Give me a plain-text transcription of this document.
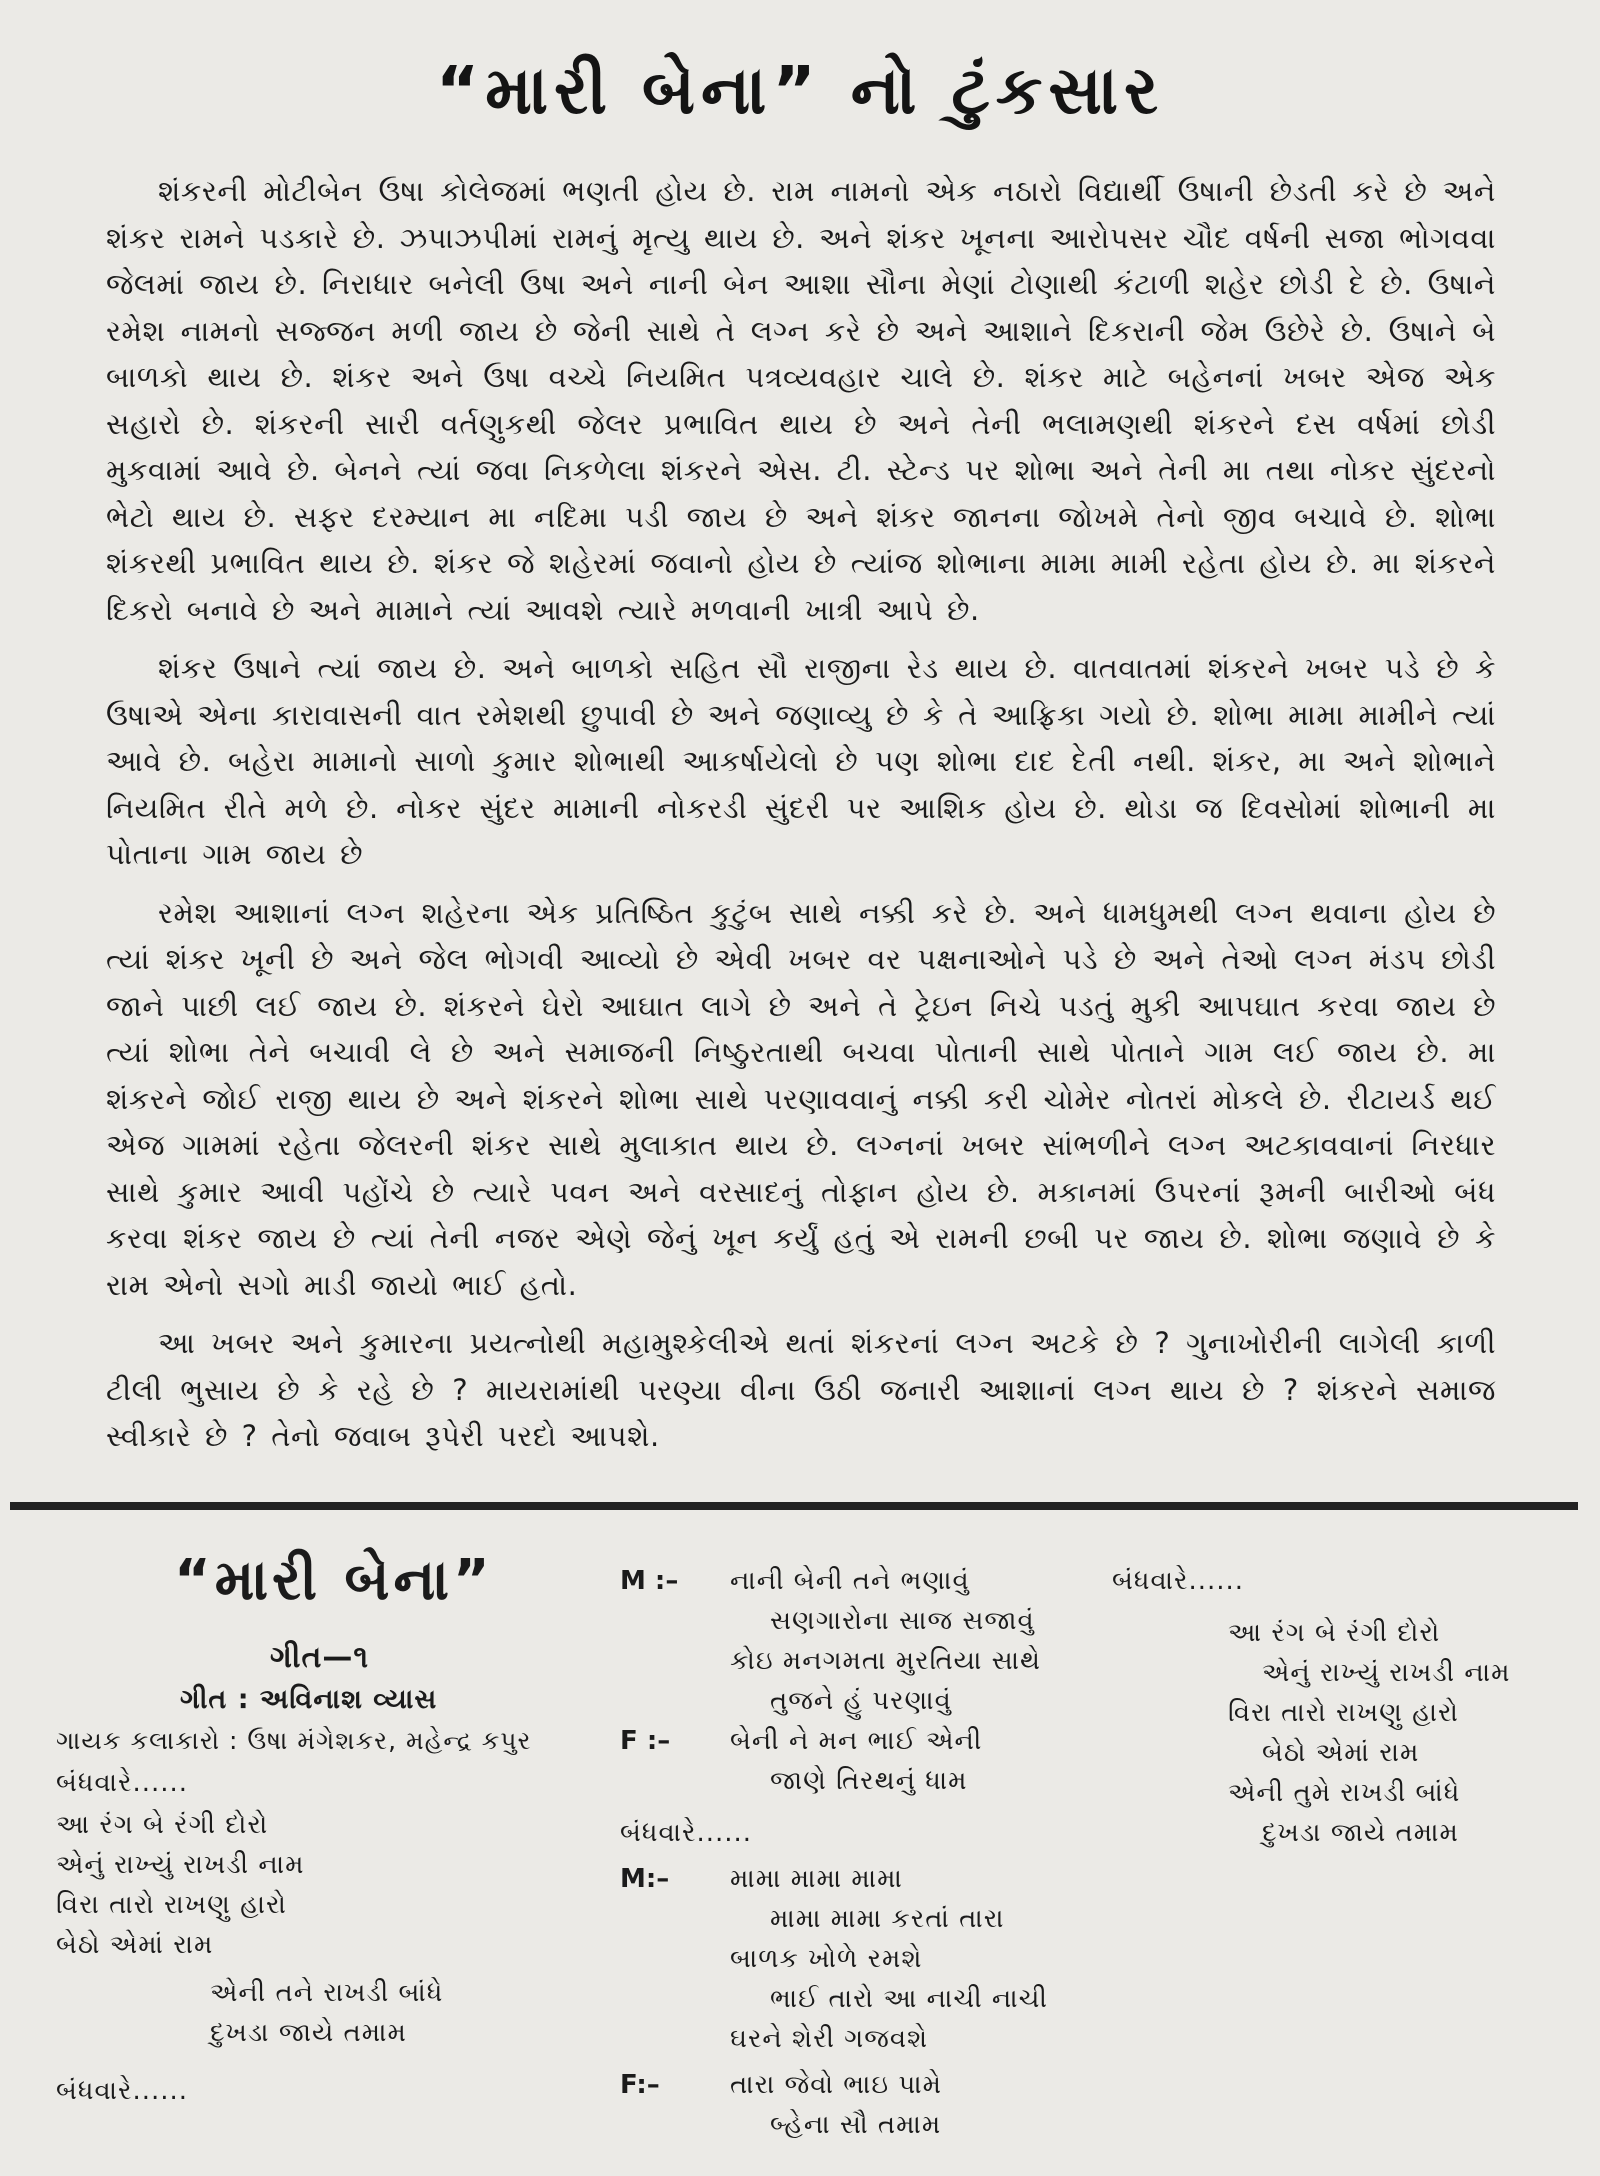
“મારી બેના” નો ટુંકસાર

શંકરની મોટીબેન ઉષા કોલેજમાં ભણતી હોય છે. રામ નામનો એક નઠારો વિદ્યાર્થી ઉષાની છેડતી કરે છે અને શંકર રામને પડકારે છે. ઝપાઝપીમાં રામનું મૃત્યુ થાય છે. અને શંકર ખૂનના આરોપસર ચૌદ વર્ષની સજા ભોગવવા જેલમાં જાય છે. નિરાધાર બનેલી ઉષા અને નાની બેન આશા સૌના મેણાં ટોણાથી કંટાળી શહેર છોડી દે છે. ઉષાને રમેશ નામનો સજ્જન મળી જાય છે જેની સાથે તે લગ્ન કરે છે અને આશાને દિકરાની જેમ ઉછેરે છે. ઉષાને બે બાળકો થાય છે. શંકર અને ઉષા વચ્ચે નિયમિત પત્રવ્યવહાર ચાલે છે. શંકર માટે બહેનનાં ખબર એજ એક સહારો છે. શંકરની સારી વર્તણુકથી જેલર પ્રભાવિત થાય છે અને તેની ભલામણથી શંકરને દસ વર્ષમાં છોડી મુકવામાં આવે છે. બેનને ત્યાં જવા નિકળેલા શંકરને એસ. ટી. સ્ટેન્ડ પર શોભા અને તેની મા તથા નોકર સુંદરનો ભેટો થાય છે. સફર દરમ્યાન મા નદિમા પડી જાય છે અને શંકર જાનના જોખમે તેનો જીવ બચાવે છે. શોભા શંકરથી પ્રભાવિત થાય છે. શંકર જે શહેરમાં જવાનો હોય છે ત્યાંજ શોભાના મામા મામી રહેતા હોય છે. મા શંકરને દિકરો બનાવે છે અને મામાને ત્યાં આવશે ત્યારે મળવાની ખાત્રી આપે છે.

શંકર ઉષાને ત્યાં જાય છે. અને બાળકો સહિત સૌ રાજીના રેડ થાય છે. વાતવાતમાં શંકરને ખબર પડે છે કે ઉષાએ એના કારાવાસની વાત રમેશથી છુપાવી છે અને જણાવ્યુ છે કે તે આફ્રિકા ગયો છે. શોભા મામા મામીને ત્યાં આવે છે. બહેરા મામાનો સાળો કુમાર શોભાથી આકર્ષાયેલો છે પણ શોભા દાદ દેતી નથી. શંકર, મા અને શોભાને નિયમિત રીતે મળે છે. નોકર સુંદર મામાની નોકરડી સુંદરી પર આશિક હોય છે. થોડા જ દિવસોમાં શોભાની મા પોતાના ગામ જાય છે

રમેશ આશાનાં લગ્ન શહેરના એક પ્રતિષ્ઠિત કુટુંબ સાથે નક્કી કરે છે. અને ધામધુમથી લગ્ન થવાના હોય છે ત્યાં શંકર ખૂની છે અને જેલ ભોગવી આવ્યો છે એવી ખબર વર પક્ષનાઓને પડે છે અને તેઓ લગ્ન મંડપ છોડી જાને પાછી લઈ જાય છે. શંકરને ઘેરો આઘાત લાગે છે અને તે ટ્રેઇન નિચે પડતું મુકી આપઘાત કરવા જાય છે ત્યાં શોભા તેને બચાવી લે છે અને સમાજની નિષ્ઠુરતાથી બચવા પોતાની સાથે પોતાને ગામ લઈ જાય છે. મા શંકરને જોઈ રાજી થાય છે અને શંકરને શોભા સાથે પરણાવવાનું નક્કી કરી ચોમેર નોતરાં મોકલે છે. રીટાયર્ડ થઈ એજ ગામમાં રહેતા જેલરની શંકર સાથે મુલાકાત થાય છે. લગ્નનાં ખબર સાંભળીને લગ્ન અટકાવવાનાં નિરધાર સાથે કુમાર આવી પહોંચે છે ત્યારે પવન અને વરસાદનું તોફાન હોય છે. મકાનમાં ઉપરનાં રૂમની બારીઓ બંધ કરવા શંકર જાય છે ત્યાં તેની નજર એણે જેનું ખૂન કર્યું હતું એ રામની છબી પર જાય છે. શોભા જણાવે છે કે રામ એનો સગો માડી જાયો ભાઈ હતો.

આ ખબર અને કુમારના પ્રયત્નોથી મહામુશ્કેલીએ થતાં શંકરનાં લગ્ન અટકે છે ? ગુનાખોરીની લાગેલી કાળી ટીલી ભુસાય છે કે રહે છે ? માયરામાંથી પરણ્યા વીના ઉઠી જનારી આશાનાં લગ્ન થાય છે ? શંકરને સમાજ સ્વીકારે છે ? તેનો જવાબ રૂપેરી પરદો આપશે.

“મારી બેના”
ગીત—૧
ગીત : અવિનાશ વ્યાસ
ગાયક કલાકારો : ઉષા મંગેશકર, મહેન્દ્ર કપુર
બંધવારે......
આ રંગ બે રંગી દોરો
એનું રાખ્યું રાખડી નામ
વિરા તારો રાખણુ હારો
બેઠો એમાં રામ
એની તને રાખડી બાંધે
દુખડા જાયે તમામ
બંધવારે......
M :– નાની બેની તને ભણાવું
સણગારોના સાજ સજાવું
કોઇ મનગમતા મુરતિયા સાથે
તુજને હું પરણાવું
F :– બેની ને મન ભાઈ એની
જાણે તિરથનું ધામ
બંધવારે......
M:– મામા મામા મામા
મામા મામા કરતાં તારા
બાળક ખોળે રમશે
ભાઈ તારો આ નાચી નાચી
ઘરને શેરી ગજવશે
F:–	તારા જેવો ભાઇ પામે
બ્હેના સૌ તમામ
બંધવારે......
આ રંગ બે રંગી દોરો
એનું રાખ્યું રાખડી નામ
વિરા તારો રાખણુ હારો
બેઠો એમાં રામ
એની તુમે રાખડી બાંધે
દુખડા જાયે તમામ
